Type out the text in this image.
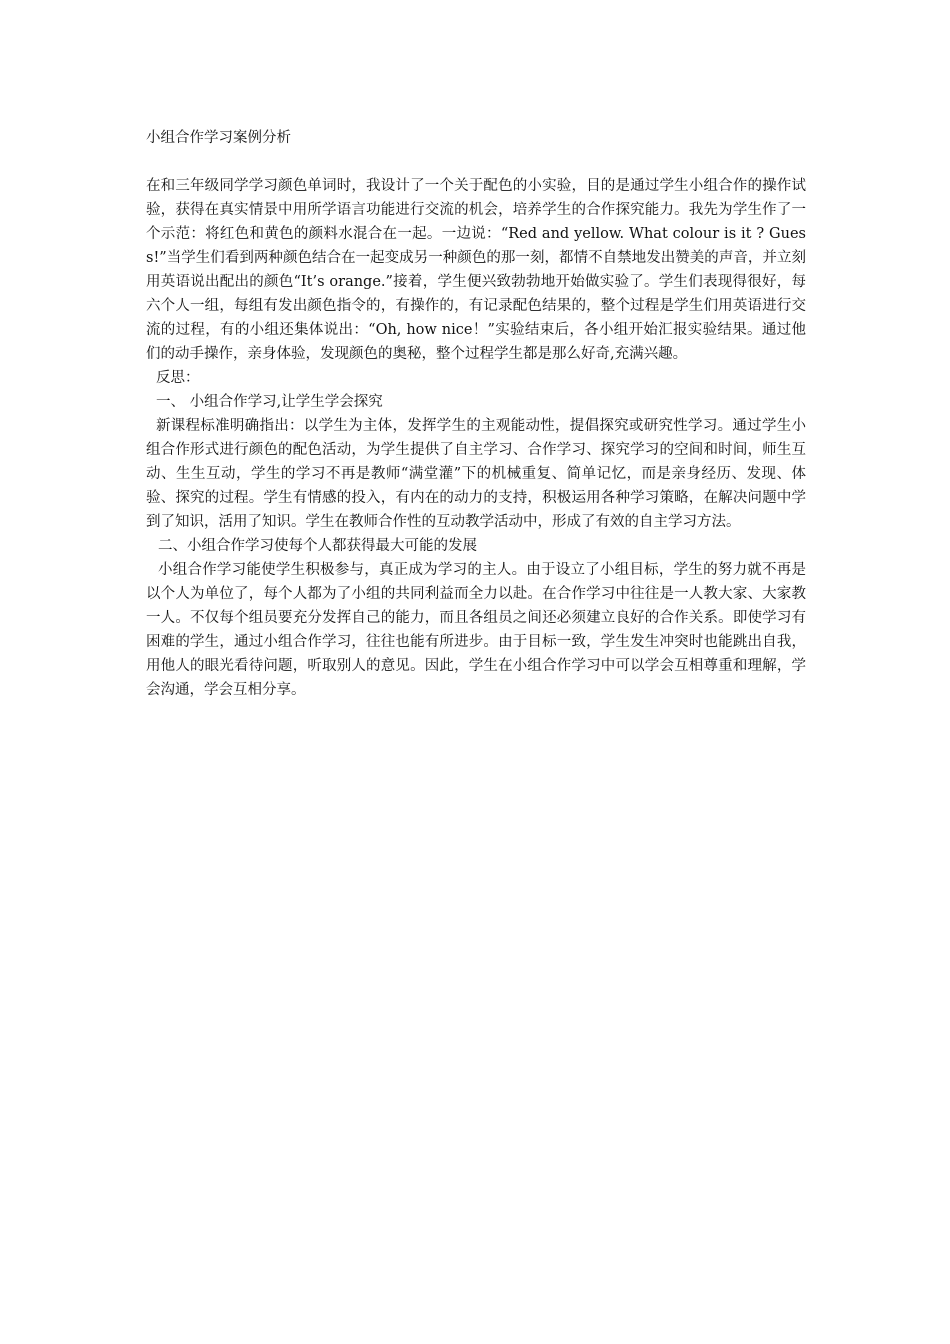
小组合作学习案例分析

在和三年级同学学习颜色单词时，我设计了一个关于配色的小实验，目的是通过学生小组合作的操作试验，获得在真实情景中用所学语言功能进行交流的机会，培养学生的合作探究能力。我先为学生作了一个示范：将红色和黄色的颜料水混合在一起。一边说：“Red and yellow. What colour is it ? Guess!”当学生们看到两种颜色结合在一起变成另一种颜色的那一刻，都情不自禁地发出赞美的声音，并立刻用英语说出配出的颜色“It’s orange.”接着，学生便兴致勃勃地开始做实验了。学生们表现得很好，每六个人一组，每组有发出颜色指令的，有操作的，有记录配色结果的，整个过程是学生们用英语进行交流的过程，有的小组还集体说出：“Oh, how nice！”实验结束后，各小组开始汇报实验结果。通过他们的动手操作，亲身体验，发现颜色的奥秘，整个过程学生都是那么好奇,充满兴趣。

反思：

一、 小组合作学习,让学生学会探究

新课程标准明确指出：以学生为主体，发挥学生的主观能动性，提倡探究或研究性学习。通过学生小组合作形式进行颜色的配色活动，为学生提供了自主学习、合作学习、探究学习的空间和时间，师生互动、生生互动，学生的学习不再是教师“满堂灌”下的机械重复、简单记忆，而是亲身经历、发现、体验、探究的过程。学生有情感的投入，有内在的动力的支持，积极运用各种学习策略，在解决问题中学到了知识，活用了知识。学生在教师合作性的互动教学活动中，形成了有效的自主学习方法。

二、小组合作学习使每个人都获得最大可能的发展

小组合作学习能使学生积极参与，真正成为学习的主人。由于设立了小组目标，学生的努力就不再是以个人为单位了，每个人都为了小组的共同利益而全力以赴。在合作学习中往往是一人教大家、大家教一人。不仅每个组员要充分发挥自己的能力，而且各组员之间还必须建立良好的合作关系。即使学习有困难的学生，通过小组合作学习，往往也能有所进步。由于目标一致，学生发生冲突时也能跳出自我，用他人的眼光看待问题，听取别人的意见。因此，学生在小组合作学习中可以学会互相尊重和理解，学会沟通，学会互相分享。
